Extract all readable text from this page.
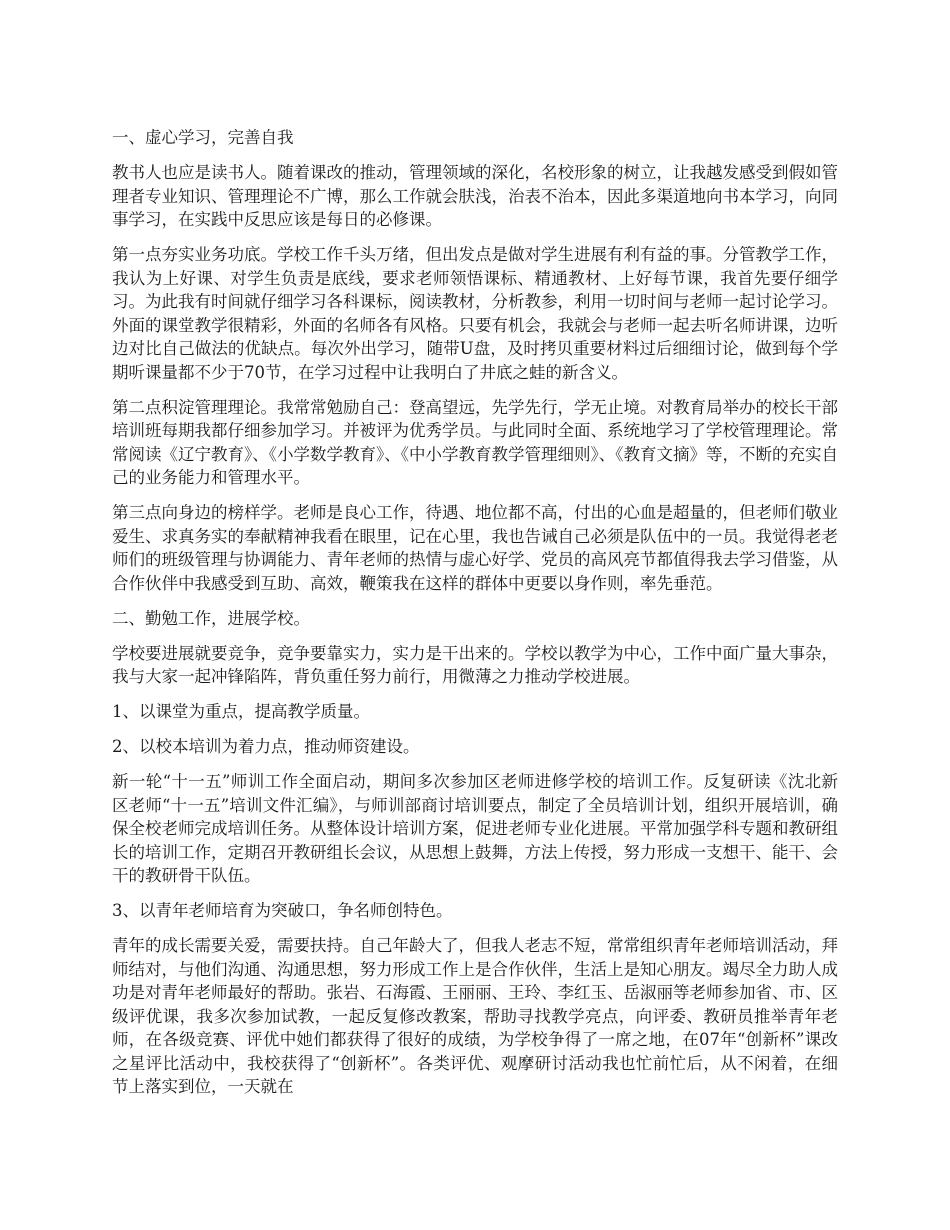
一、虚心学习，完善自我

教书人也应是读书人。随着课改的推动，管理领域的深化，名校形象的树立，让我越发感受到假如管理者专业知识、管理理论不广博，那么工作就会肤浅，治表不治本，因此多渠道地向书本学习，向同事学习，在实践中反思应该是每日的必修课。

第一点夯实业务功底。学校工作千头万绪，但出发点是做对学生进展有利有益的事。分管教学工作，我认为上好课、对学生负责是底线，要求老师领悟课标、精通教材、上好每节课，我首先要仔细学习。为此我有时间就仔细学习各科课标，阅读教材，分析教参，利用一切时间与老师一起讨论学习。外面的课堂教学很精彩，外面的名师各有风格。只要有机会，我就会与老师一起去听名师讲课，边听边对比自己做法的优缺点。每次外出学习，随带U盘，及时拷贝重要材料过后细细讨论，做到每个学期听课量都不少于70节，在学习过程中让我明白了井底之蛙的新含义。

第二点积淀管理理论。我常常勉励自己：登高望远，先学先行，学无止境。对教育局举办的校长干部培训班每期我都仔细参加学习。并被评为优秀学员。与此同时全面、系统地学习了学校管理理论。常常阅读《辽宁教育》、《小学数学教育》、《中小学教育教学管理细则》、《教育文摘》等，不断的充实自己的业务能力和管理水平。

第三点向身边的榜样学。老师是良心工作，待遇、地位都不高，付出的心血是超量的，但老师们敬业爱生、求真务实的奉献精神我看在眼里，记在心里，我也告诫自己必须是队伍中的一员。我觉得老老师们的班级管理与协调能力、青年老师的热情与虚心好学、党员的高风亮节都值得我去学习借鉴，从合作伙伴中我感受到互助、高效，鞭策我在这样的群体中更要以身作则，率先垂范。

二、勤勉工作，进展学校。

学校要进展就要竞争，竞争要靠实力，实力是干出来的。学校以教学为中心，工作中面广量大事杂，我与大家一起冲锋陷阵，背负重任努力前行，用微薄之力推动学校进展。

1、以课堂为重点，提高教学质量。

2、以校本培训为着力点，推动师资建设。

新一轮“十一五”师训工作全面启动，期间多次参加区老师进修学校的培训工作。反复研读《沈北新区老师“十一五”培训文件汇编》，与师训部商讨培训要点，制定了全员培训计划，组织开展培训，确保全校老师完成培训任务。从整体设计培训方案，促进老师专业化进展。平常加强学科专题和教研组长的培训工作，定期召开教研组长会议，从思想上鼓舞，方法上传授，努力形成一支想干、能干、会干的教研骨干队伍。

3、以青年老师培育为突破口，争名师创特色。

青年的成长需要关爱，需要扶持。自己年龄大了，但我人老志不短，常常组织青年老师培训活动，拜师结对，与他们沟通、沟通思想，努力形成工作上是合作伙伴，生活上是知心朋友。竭尽全力助人成功是对青年老师最好的帮助。张岩、石海霞、王丽丽、王玲、李红玉、岳淑丽等老师参加省、市、区级评优课，我多次参加试教，一起反复修改教案，帮助寻找教学亮点，向评委、教研员推举青年老师，在各级竞赛、评优中她们都获得了很好的成绩，为学校争得了一席之地，在07年“创新杯”课改之星评比活动中，我校获得了“创新杯”。各类评优、观摩研讨活动我也忙前忙后，从不闲着，在细节上落实到位，一天就在
